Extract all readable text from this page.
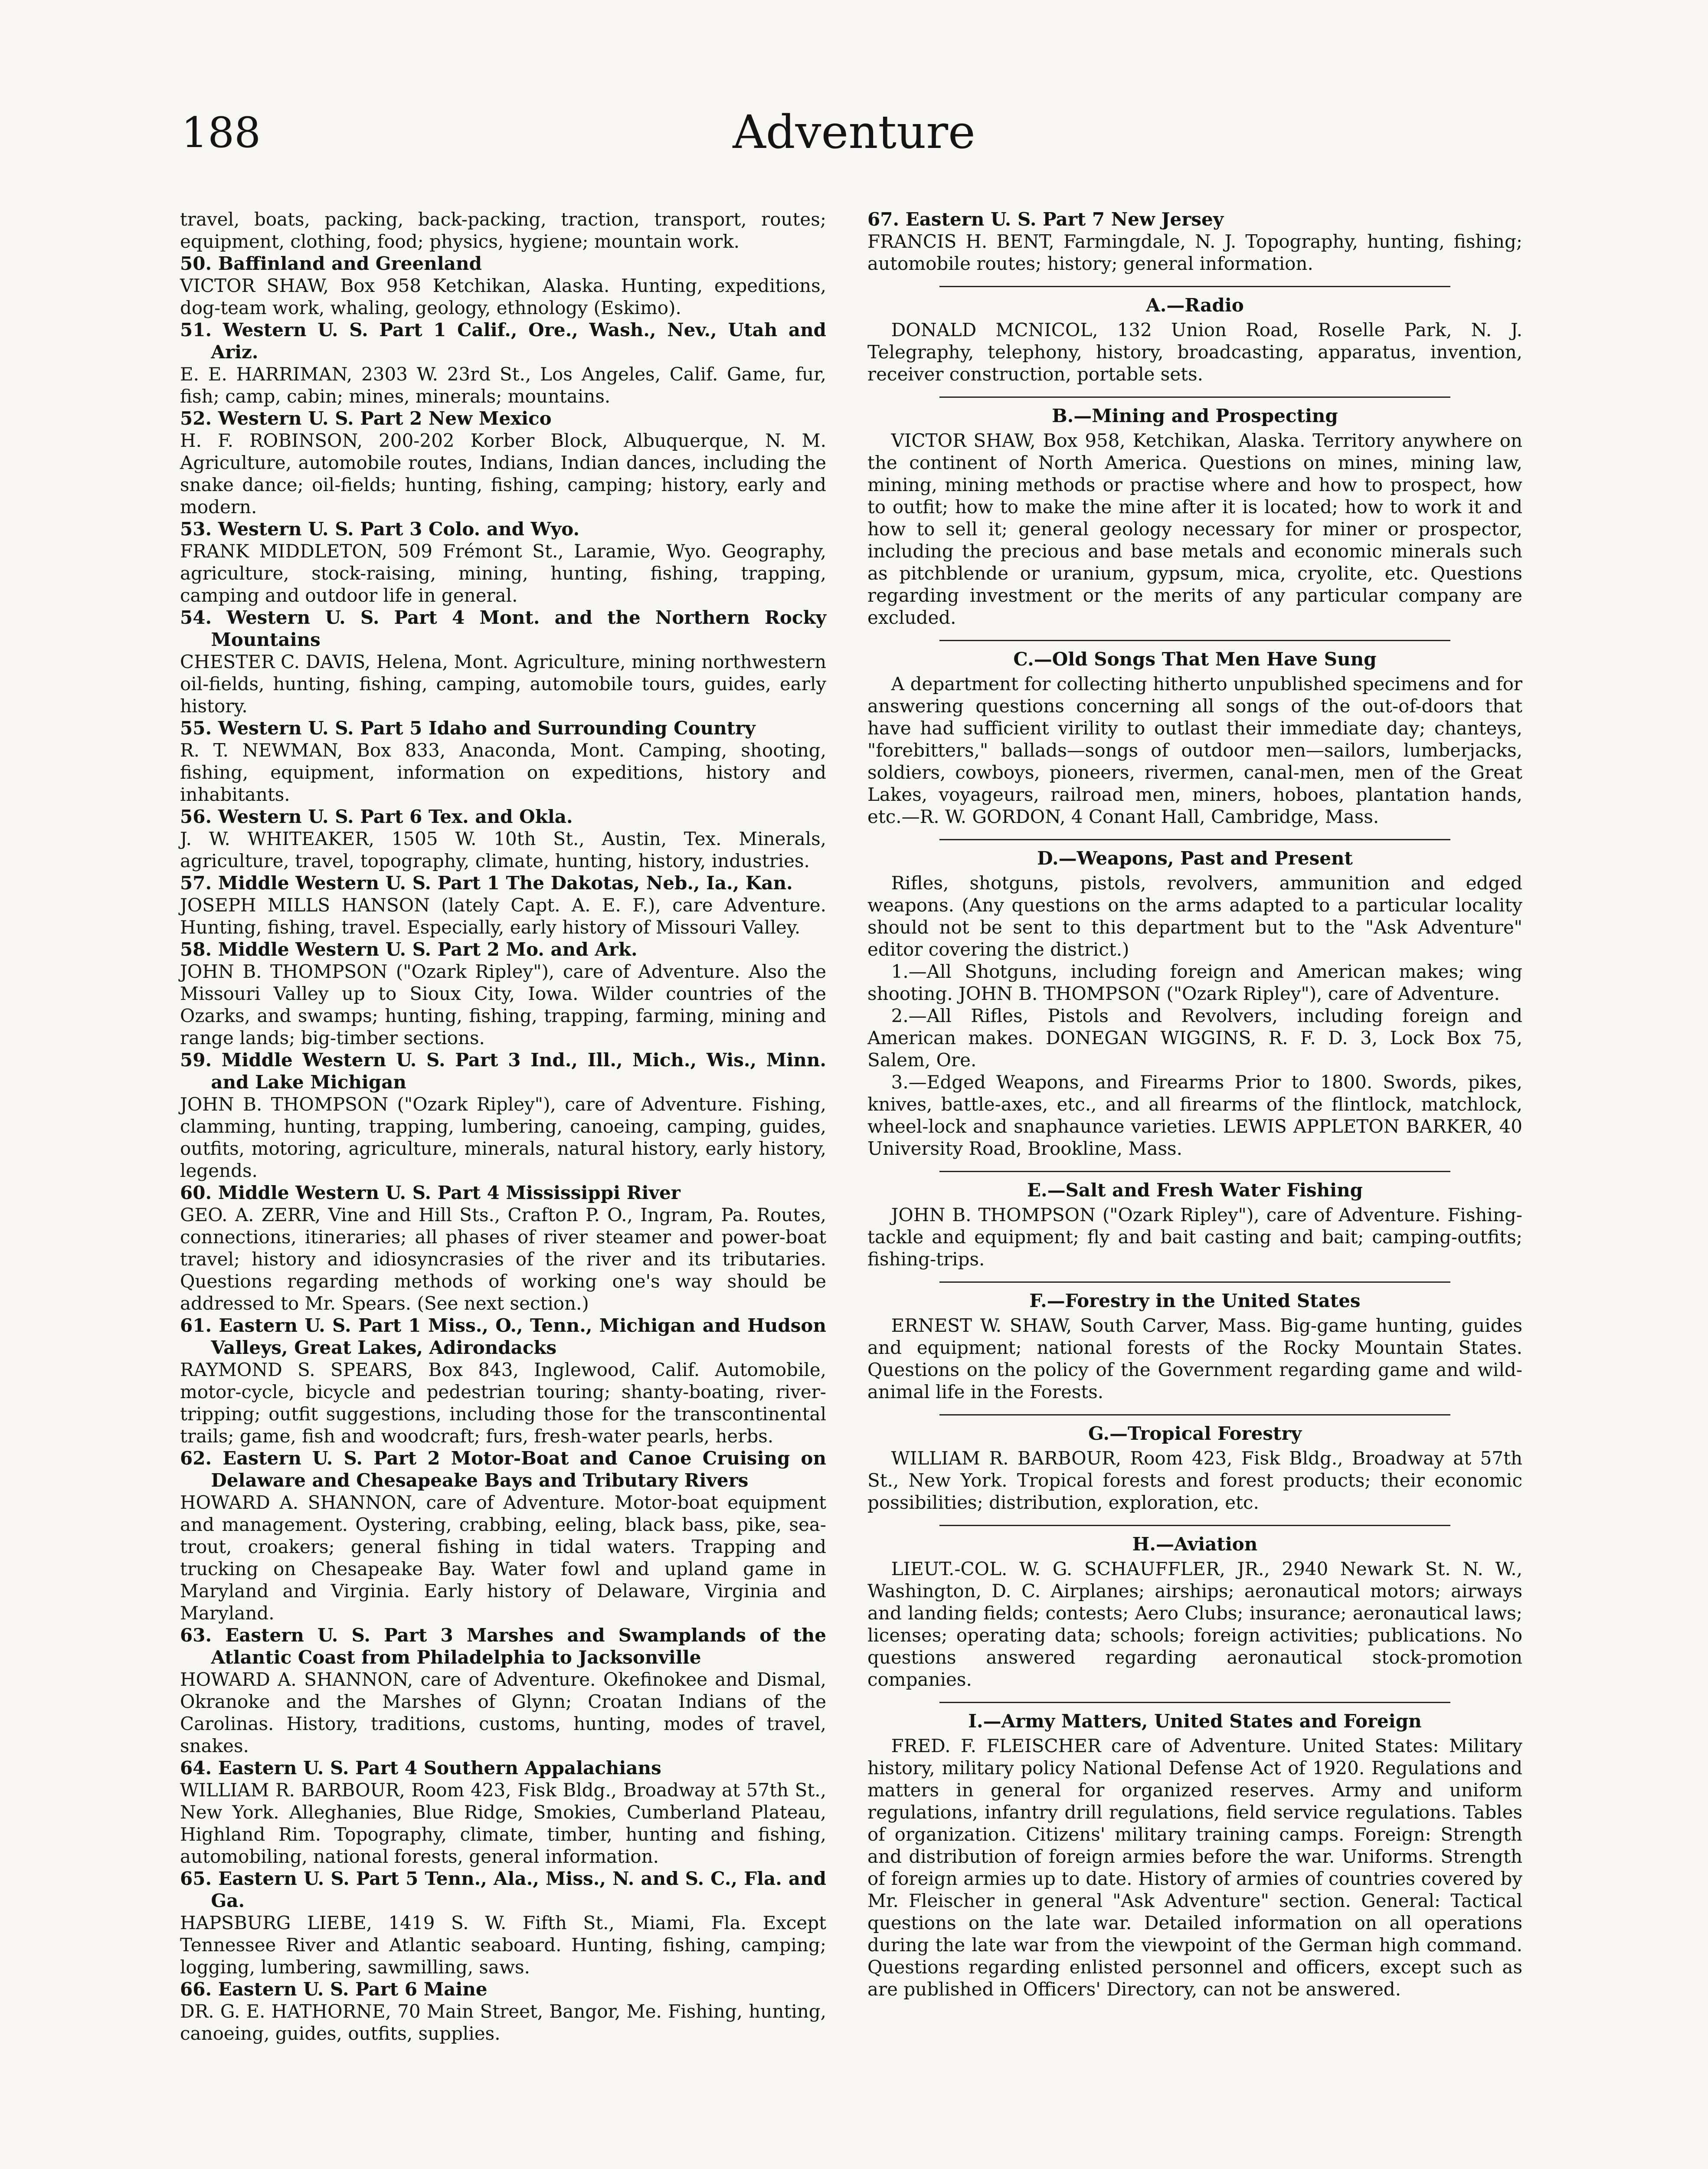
188	Adventure
travel, boats, packing, back-packing, traction, transport, routes; equipment, clothing, food; physics, hygiene; mountain work.
50. Baffinland and Greenland
VICTOR SHAW, Box 958 Ketchikan, Alaska. Hunting, expeditions, dog-team work, whaling, geology, ethnology (Eskimo).
51. Western U. S. Part 1 Calif., Ore., Wash., Nev., Utah and Ariz.
E. E. HARRIMAN, 2303 W. 23rd St., Los Angeles, Calif. Game, fur, fish; camp, cabin; mines, minerals; mountains.
52. Western U. S. Part 2 New Mexico
H. F. ROBINSON, 200-202 Korber Block, Albuquerque, N. M. Agriculture, automobile routes, Indians, Indian dances, including the snake dance; oil-fields; hunting, fishing, camping; history, early and modern.
53. Western U. S. Part 3 Colo. and Wyo.
FRANK MIDDLETON, 509 Frémont St., Laramie, Wyo. Geography, agriculture, stock-raising, mining, hunting, fishing, trapping, camping and outdoor life in general.
54. Western U. S. Part 4 Mont. and the Northern Rocky Mountains
CHESTER C. DAVIS, Helena, Mont. Agriculture, mining northwestern oil-fields, hunting, fishing, camping, automobile tours, guides, early history.
55. Western U. S. Part 5 Idaho and Surrounding Country
R. T. NEWMAN, Box 833, Anaconda, Mont. Camping, shooting, fishing, equipment, information on expeditions, history and inhabitants.
56. Western U. S. Part 6 Tex. and Okla.
J. W. WHITEAKER, 1505 W. 10th St., Austin, Tex. Minerals, agriculture, travel, topography, climate, hunting, history, industries.
57. Middle Western U. S. Part 1 The Dakotas, Neb., Ia., Kan.
JOSEPH MILLS HANSON (lately Capt. A. E. F.), care Adventure. Hunting, fishing, travel. Especially, early history of Missouri Valley.
58. Middle Western U. S. Part 2 Mo. and Ark.
JOHN B. THOMPSON ("Ozark Ripley"), care of Adventure. Also the Missouri Valley up to Sioux City, Iowa. Wilder countries of the Ozarks, and swamps; hunting, fishing, trapping, farming, mining and range lands; big-timber sections.
59. Middle Western U. S. Part 3 Ind., Ill., Mich., Wis., Minn. and Lake Michigan
JOHN B. THOMPSON ("Ozark Ripley"), care of Adventure. Fishing, clamming, hunting, trapping, lumbering, canoeing, camping, guides, outfits, motoring, agriculture, minerals, natural history, early history, legends.
60. Middle Western U. S. Part 4 Mississippi River
GEO. A. ZERR, Vine and Hill Sts., Crafton P. O., Ingram, Pa. Routes, connections, itineraries; all phases of river steamer and power-boat travel; history and idiosyncrasies of the river and its tributaries. Questions regarding methods of working one's way should be addressed to Mr. Spears. (See next section.)
61. Eastern U. S. Part 1 Miss., O., Tenn., Michigan and Hudson Valleys, Great Lakes, Adirondacks
RAYMOND S. SPEARS, Box 843, Inglewood, Calif. Automobile, motor-cycle, bicycle and pedestrian touring; shanty-boating, river-tripping; outfit suggestions, including those for the transcontinental trails; game, fish and woodcraft; furs, fresh-water pearls, herbs.
62. Eastern U. S. Part 2 Motor-Boat and Canoe Cruising on Delaware and Chesapeake Bays and Tributary Rivers
HOWARD A. SHANNON, care of Adventure. Motor-boat equipment and management. Oystering, crabbing, eeling, black bass, pike, sea-trout, croakers; general fishing in tidal waters. Trapping and trucking on Chesapeake Bay. Water fowl and upland game in Maryland and Virginia. Early history of Delaware, Virginia and Maryland.
63. Eastern U. S. Part 3 Marshes and Swamplands of the Atlantic Coast from Philadelphia to Jacksonville
HOWARD A. SHANNON, care of Adventure. Okefinokee and Dismal, Okranoke and the Marshes of Glynn; Croatan Indians of the Carolinas. History, traditions, customs, hunting, modes of travel, snakes.
64. Eastern U. S. Part 4 Southern Appalachians
WILLIAM R. BARBOUR, Room 423, Fisk Bldg., Broadway at 57th St., New York. Alleghanies, Blue Ridge, Smokies, Cumberland Plateau, Highland Rim. Topography, climate, timber, hunting and fishing, automobiling, national forests, general information.
65. Eastern U. S. Part 5 Tenn., Ala., Miss., N. and S. C., Fla. and Ga.
HAPSBURG LIEBE, 1419 S. W. Fifth St., Miami, Fla. Except Tennessee River and Atlantic seaboard. Hunting, fishing, camping; logging, lumbering, sawmilling, saws.
66. Eastern U. S. Part 6 Maine
DR. G. E. HATHORNE, 70 Main Street, Bangor, Me. Fishing, hunting, canoeing, guides, outfits, supplies.
67. Eastern U. S. Part 7 New Jersey
FRANCIS H. BENT, Farmingdale, N. J. Topography, hunting, fishing; automobile routes; history; general information.
A.—Radio
DONALD MCNICOL, 132 Union Road, Roselle Park, N. J. Telegraphy, telephony, history, broadcasting, apparatus, invention, receiver construction, portable sets.
B.—Mining and Prospecting
VICTOR SHAW, Box 958, Ketchikan, Alaska. Territory anywhere on the continent of North America. Questions on mines, mining law, mining, mining methods or practise where and how to prospect, how to outfit; how to make the mine after it is located; how to work it and how to sell it; general geology necessary for miner or prospector, including the precious and base metals and economic minerals such as pitchblende or uranium, gypsum, mica, cryolite, etc. Questions regarding investment or the merits of any particular company are excluded.
C.—Old Songs That Men Have Sung
A department for collecting hitherto unpublished specimens and for answering questions concerning all songs of the out-of-doors that have had sufficient virility to outlast their immediate day; chanteys, "forebitters," ballads—songs of outdoor men—sailors, lumberjacks, soldiers, cowboys, pioneers, rivermen, canal-men, men of the Great Lakes, voyageurs, railroad men, miners, hoboes, plantation hands, etc.—R. W. GORDON, 4 Conant Hall, Cambridge, Mass.
D.—Weapons, Past and Present
Rifles, shotguns, pistols, revolvers, ammunition and edged weapons. (Any questions on the arms adapted to a particular locality should not be sent to this department but to the "Ask Adventure" editor covering the district.)
1.—All Shotguns, including foreign and American makes; wing shooting. JOHN B. THOMPSON ("Ozark Ripley"), care of Adventure.
2.—All Rifles, Pistols and Revolvers, including foreign and American makes. DONEGAN WIGGINS, R. F. D. 3, Lock Box 75, Salem, Ore.
3.—Edged Weapons, and Firearms Prior to 1800. Swords, pikes, knives, battle-axes, etc., and all firearms of the flintlock, matchlock, wheel-lock and snaphaunce varieties. LEWIS APPLETON BARKER, 40 University Road, Brookline, Mass.
E.—Salt and Fresh Water Fishing
JOHN B. THOMPSON ("Ozark Ripley"), care of Adventure. Fishing-tackle and equipment; fly and bait casting and bait; camping-outfits; fishing-trips.
F.—Forestry in the United States
ERNEST W. SHAW, South Carver, Mass. Big-game hunting, guides and equipment; national forests of the Rocky Mountain States. Questions on the policy of the Government regarding game and wild-animal life in the Forests.
G.—Tropical Forestry
WILLIAM R. BARBOUR, Room 423, Fisk Bldg., Broadway at 57th St., New York. Tropical forests and forest products; their economic possibilities; distribution, exploration, etc.
H.—Aviation
LIEUT.-COL. W. G. SCHAUFFLER, JR., 2940 Newark St. N. W., Washington, D. C. Airplanes; airships; aeronautical motors; airways and landing fields; contests; Aero Clubs; insurance; aeronautical laws; licenses; operating data; schools; foreign activities; publications. No questions answered regarding aeronautical stock-promotion companies.
I.—Army Matters, United States and Foreign
FRED. F. FLEISCHER care of Adventure. United States: Military history, military policy National Defense Act of 1920. Regulations and matters in general for organized reserves. Army and uniform regulations, infantry drill regulations, field service regulations. Tables of organization. Citizens' military training camps. Foreign: Strength and distribution of foreign armies before the war. Uniforms. Strength of foreign armies up to date. History of armies of countries covered by Mr. Fleischer in general "Ask Adventure" section. General: Tactical questions on the late war. Detailed information on all operations during the late war from the viewpoint of the German high command. Questions regarding enlisted personnel and officers, except such as are published in Officers' Directory, can not be answered.
